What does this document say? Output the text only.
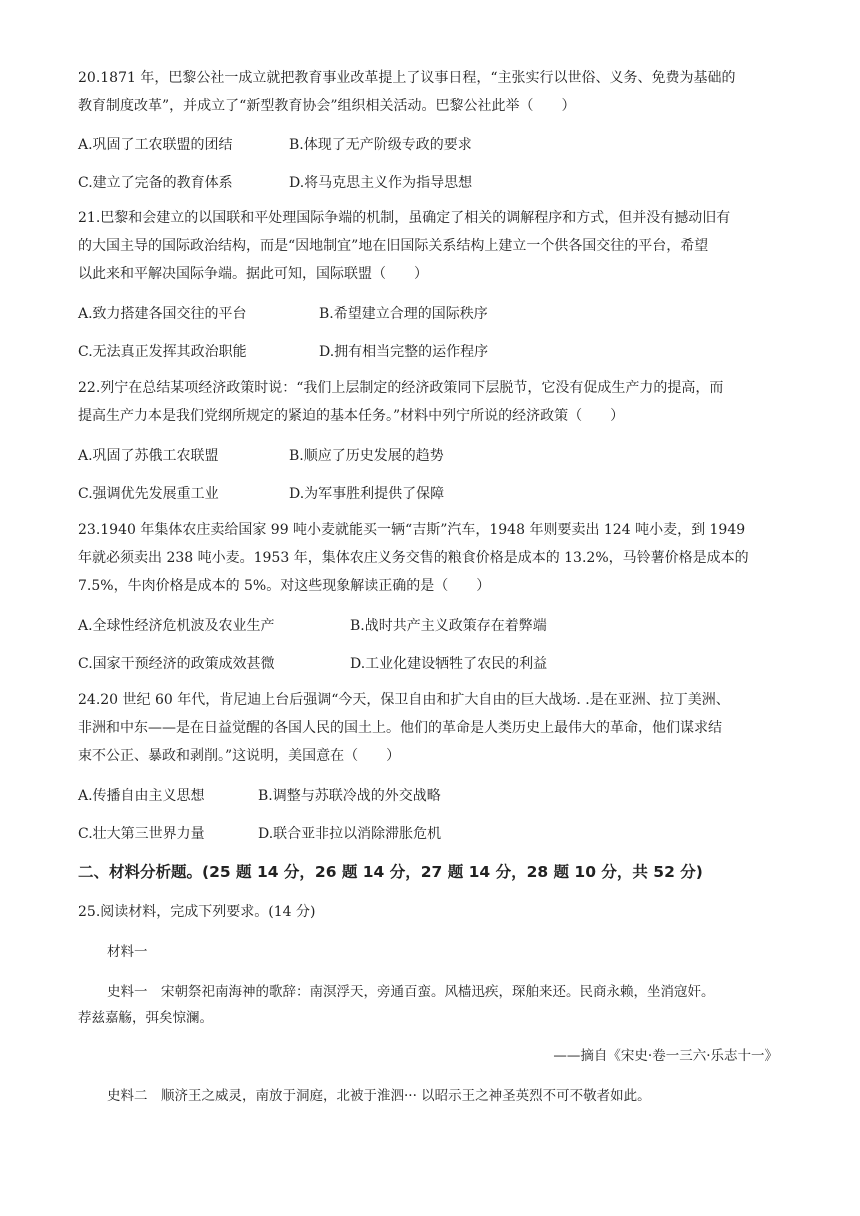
20.1871 年，巴黎公社一成立就把教育事业改革提上了议事日程，“主张实行以世俗、义务、免费为基础的
教育制度改革”，并成立了“新型教育协会”组织相关活动。巴黎公社此举（　　）
A.巩固了工农联盟的团结	B.体现了无产阶级专政的要求
C.建立了完备的教育体系	D.将马克思主义作为指导思想
21.巴黎和会建立的以国联和平处理国际争端的机制，虽确定了相关的调解程序和方式，但并没有撼动旧有
的大国主导的国际政治结构，而是“因地制宜”地在旧国际关系结构上建立一个供各国交往的平台，希望
以此来和平解决国际争端。据此可知，国际联盟（　　）
A.致力搭建各国交往的平台	B.希望建立合理的国际秩序
C.无法真正发挥其政治职能	D.拥有相当完整的运作程序
22.列宁在总结某项经济政策时说：“我们上层制定的经济政策同下层脱节，它没有促成生产力的提高，而
提高生产力本是我们党纲所规定的紧迫的基本任务。”材料中列宁所说的经济政策（　　）
A.巩固了苏俄工农联盟	B.顺应了历史发展的趋势
C.强调优先发展重工业	D.为军事胜利提供了保障
23.1940 年集体农庄卖给国家 99 吨小麦就能买一辆“吉斯”汽车，1948 年则要卖出 124 吨小麦，到 1949
年就必须卖出 238 吨小麦。1953 年，集体农庄义务交售的粮食价格是成本的 13.2%，马铃薯价格是成本的
7.5%，牛肉价格是成本的 5%。对这些现象解读正确的是（　　）
A.全球性经济危机波及农业生产	B.战时共产主义政策存在着弊端
C.国家干预经济的政策成效甚微	D.工业化建设牺牲了农民的利益
24.20 世纪 60 年代，肯尼迪上台后强调“今天，保卫自由和扩大自由的巨大战场. .是在亚洲、拉丁美洲、
非洲和中东——是在日益觉醒的各国人民的国土上。他们的革命是人类历史上最伟大的革命，他们谋求结
束不公正、暴政和剥削。”这说明，美国意在（　　）
A.传播自由主义思想	B.调整与苏联冷战的外交战略
C.壮大第三世界力量	D.联合亚非拉以消除滞胀危机
二、材料分析题。(25 题 14 分，26 题 14 分，27 题 14 分，28 题 10 分，共 52 分)
25.阅读材料，完成下列要求。(14 分)
材料一
史料一　宋朝祭祀南海神的歌辞：南溟浮天，旁通百蛮。风樯迅疾，琛舶来还。民商永赖，坐消寇奸。
荐兹嘉觞，弭矣惊澜。
——摘自《宋史·卷一三六·乐志十一》
史料二　顺济王之威灵，南放于洞庭，北被于淮泗··· 以昭示王之神圣英烈不可不敬者如此。
